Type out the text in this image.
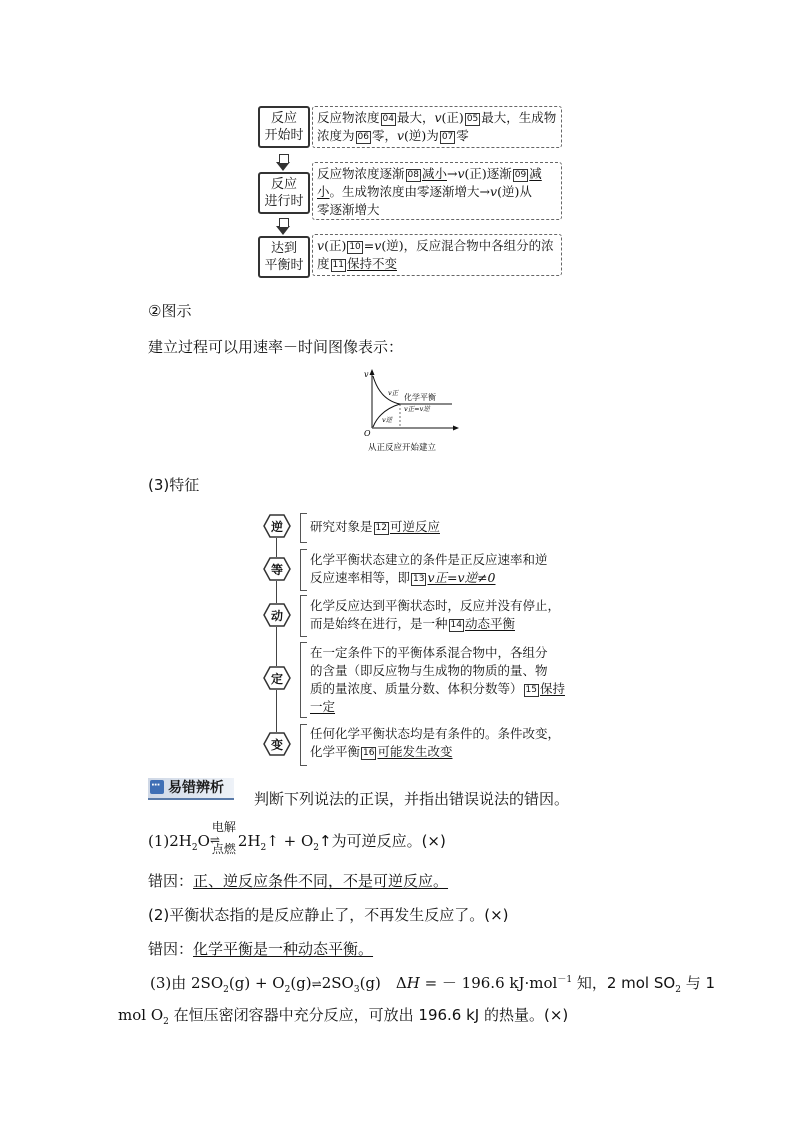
反应
开始时
反应物浓度 04 最大，v(正) 05 最大，生成物
浓度为 06 零，v(逆)为 07 零
反应
进行时
反应物浓度逐渐 08 减小→v(正)逐渐 09 减
小。生成物浓度由零逐渐增大→v(逆)从
零逐渐增大
达到
平衡时
v(正) 10 =v(逆)，反应混合物中各组分的浓
度 11 保持不变
②图示
建立过程可以用速率－时间图像表示：
v
O
v正
v逆
v正=v逆
化学平衡
从正反应开始建立
(3)特征
逆 研究对象是 12 可逆反应
等
化学平衡状态建立的条件是正反应速率和逆
反应速率相等，即 13 v正=v逆≠0
动
化学反应达到平衡状态时，反应并没有停止，
而是始终在进行，是一种 14 动态平衡
定
在一定条件下的平衡体系混合物中，各组分
的含量（即反应物与生成物的物质的量、物
质的量浓度、质量分数、体积分数等） 15 保持
一定
变
任何化学平衡状态均是有条件的。条件改变，
化学平衡 16 可能发生改变
···易错辨析
判断下列说法的正误，并指出错误说法的错因。
$(1)2H_2O$
电解
⇌
点燃 $2H_2↑$ + $O_2↑$为可逆反应。(×)
错因：正、逆反应条件不同，不是可逆反应。
(2)平衡状态指的是反应静止了，不再发生反应了。(×)
错因：化学平衡是一种动态平衡。
(3)由 $2SO_2(g)$ + $O_2(g)\rightleftharpoons 2SO_3(g)$　ΔH = － 196.6 kJ·mol$^{-1}$ 知，2 mol $SO_2$ 与 1
mol $O_2$ 在恒压密闭容器中充分反应，可放出 196.6 kJ 的热量。(×)
